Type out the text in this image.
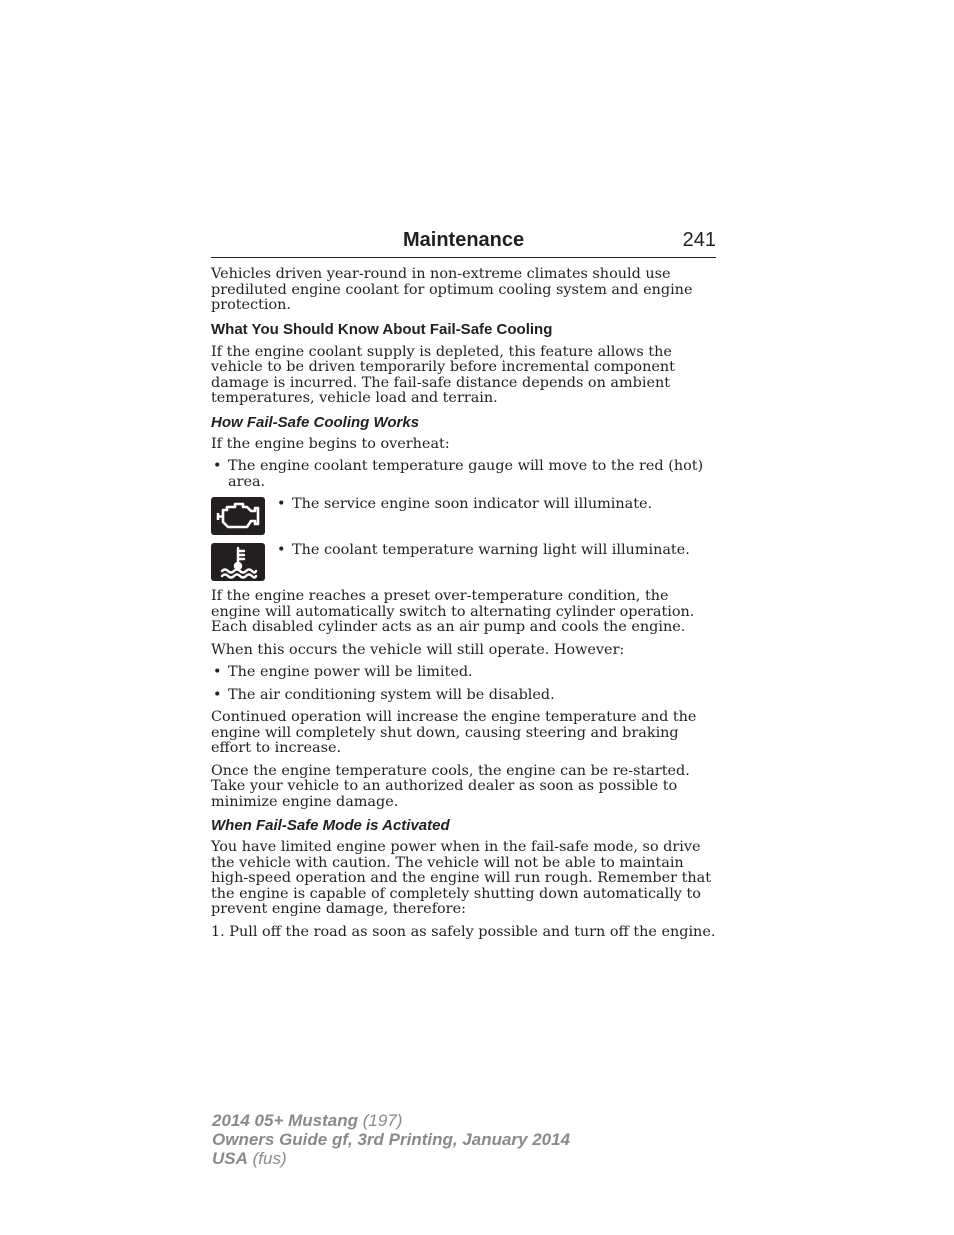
Maintenance	241

Vehicles driven year-round in non-extreme climates should use prediluted engine coolant for optimum cooling system and engine protection.

What You Should Know About Fail-Safe Cooling

If the engine coolant supply is depleted, this feature allows the vehicle to be driven temporarily before incremental component damage is incurred. The fail-safe distance depends on ambient temperatures, vehicle load and terrain.

How Fail-Safe Cooling Works

If the engine begins to overheat:

• The engine coolant temperature gauge will move to the red (hot) area.
• The service engine soon indicator will illuminate.
• The coolant temperature warning light will illuminate.

If the engine reaches a preset over-temperature condition, the engine will automatically switch to alternating cylinder operation. Each disabled cylinder acts as an air pump and cools the engine.

When this occurs the vehicle will still operate. However:

• The engine power will be limited.
• The air conditioning system will be disabled.

Continued operation will increase the engine temperature and the engine will completely shut down, causing steering and braking effort to increase.

Once the engine temperature cools, the engine can be re-started. Take your vehicle to an authorized dealer as soon as possible to minimize engine damage.

When Fail-Safe Mode is Activated

You have limited engine power when in the fail-safe mode, so drive the vehicle with caution. The vehicle will not be able to maintain high-speed operation and the engine will run rough. Remember that the engine is capable of completely shutting down automatically to prevent engine damage, therefore:

1. Pull off the road as soon as safely possible and turn off the engine.

2014 05+ Mustang (197)
Owners Guide gf, 3rd Printing, January 2014
USA (fus)
